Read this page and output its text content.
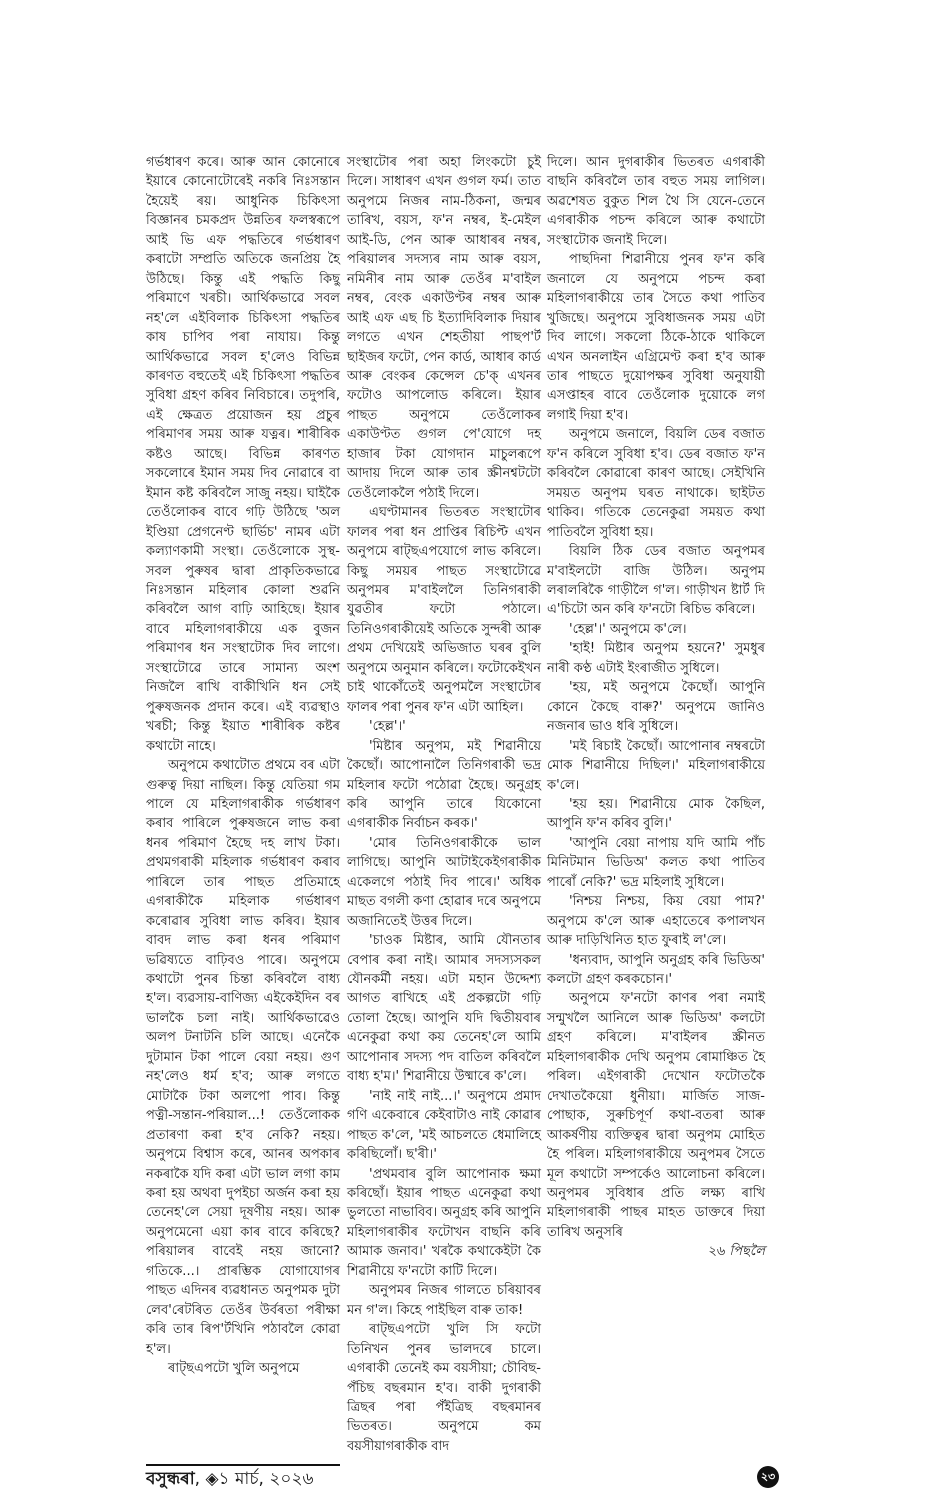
গৰ্ভধাৰণ কৰে। আৰু আন কোনোৰে ইয়াৰে কোনোটোৰেই নকৰি নিঃসন্তান হৈয়েই ৰয়। আধুনিক চিকিৎসা বিজ্ঞানৰ চমকপ্ৰদ উন্নতিৰ ফলস্বৰূপে আই ভি এফ পদ্ধতিৰে গৰ্ভধাৰণ কৰাটো সম্প্ৰতি অতিকে জনপ্ৰিয় হৈ উঠিছে। কিন্তু এই পদ্ধতি কিছু পৰিমাণে খৰচী। আৰ্থিকভাৱে সবল নহ'লে এইবিলাক চিকিৎসা পদ্ধতিৰ কাষ চাপিব পৰা নাযায়। কিন্তু আৰ্থিকভাৱে সবল হ'লেও বিভিন্ন কাৰণত বহুতেই এই চিকিৎসা পদ্ধতিৰ সুবিধা গ্ৰহণ কৰিব নিবিচাৰে। তদুপৰি, এই ক্ষেত্ৰত প্ৰয়োজন হয় প্ৰচুৰ পৰিমাণৰ সময় আৰু যত্নৰ। শাৰীৰিক কষ্টও আছে। বিভিন্ন কাৰণত সকলোৰে ইমান সময় দিব নোৱাৰে বা ইমান কষ্ট কৰিবলৈ সাজু নহয়। ঘাইকৈ তেওঁলোকৰ বাবে গঢ়ি উঠিছে 'অল ইণ্ডিয়া প্ৰেগনেণ্ট ছাৰ্ভিচ' নামৰ এটা কল্যাণকামী সংস্থা। তেওঁলোকে সুস্থ-সবল পুৰুষৰ দ্বাৰা প্ৰাকৃতিকভাৱে নিঃসন্তান মহিলাৰ কোলা শুৱনি কৰিবলৈ আগ বাঢ়ি আহিছে। ইয়াৰ বাবে মহিলাগৰাকীয়ে এক বুজন পৰিমাণৰ ধন সংস্থাটোক দিব লাগে। সংস্থাটোৱে তাৰে সামান্য অংশ নিজলৈ ৰাখি বাকীখিনি ধন সেই পুৰুষজনক প্ৰদান কৰে। এই ব্যৱস্থাও খৰচী; কিন্তু ইয়াত শাৰীৰিক কষ্টৰ কথাটো নাহে।

অনুপমে কথাটোত প্ৰথমে বৰ এটা গুৰুত্ব দিয়া নাছিল। কিন্তু যেতিয়া গম পালে যে মহিলাগৰাকীক গৰ্ভধাৰণ কৰাব পাৰিলে পুৰুষজনে লাভ কৰা ধনৰ পৰিমাণ হৈছে দহ লাখ টকা। প্ৰথমগৰাকী মহিলাক গৰ্ভধাৰণ কৰাব পাৰিলে তাৰ পাছত প্ৰতিমাহে এগৰাকীকৈ মহিলাক গৰ্ভধাৰণ কৰোৱাৰ সুবিধা লাভ কৰিব। ইয়াৰ বাবদ লাভ কৰা ধনৰ পৰিমাণ ভৱিষ্যতে বাঢ়িবও পাৰে। অনুপমে কথাটো পুনৰ চিন্তা কৰিবলৈ বাধ্য হ'ল। ব্যৱসায়-বাণিজ্য এইকেইদিন বৰ ভালকৈ চলা নাই। আৰ্থিকভাৱেও অলপ টনাটনি চলি আছে। এনেকৈ দুটামান টকা পালে বেয়া নহয়। গুণ নহ'লেও ধৰ্ম হ'ব; আৰু লগতে মোটাকৈ টকা অলপো পাব। কিন্তু পত্নী-সন্তান-পৰিয়াল...! তেওঁলোকক প্ৰতাৰণা কৰা হ'ব নেকি? নহয়। অনুপমে বিশ্বাস কৰে, আনৰ অপকাৰ নকৰাকৈ যদি কৰা এটা ভাল লগা কাম কৰা হয় অথবা দুপইচা অৰ্জন কৰা হয় তেনেহ'লে সেয়া দূষণীয় নহয়। আৰু অনুপমেনো এয়া কাৰ বাবে কৰিছে? পৰিয়ালৰ বাবেই নহয় জানো? গতিকে...। প্ৰাৰম্ভিক যোগাযোগৰ পাছত এদিনৰ ব্যৱধানত অনুপমক দুটা লেব'ৰেটৰিত তেওঁৰ উৰ্বৰতা পৰীক্ষা কৰি তাৰ ৰিপ'ৰ্টখিনি পঠাবলৈ কোৱা হ'ল।

ৰাট্ছএপটো খুলি অনুপমে

সংস্থাটোৰ পৰা অহা লিংকটো চুই দিলে। সাধাৰণ এখন গুগল ফৰ্ম। তাত অনুপমে নিজৰ নাম-ঠিকনা, জন্মৰ তাৰিখ, বয়স, ফ'ন নম্বৰ, ই-মেইল আই-ডি, পেন আৰু আধাৰৰ নম্বৰ, পৰিয়ালৰ সদস্যৰ নাম আৰু বয়স, নমিনীৰ নাম আৰু তেওঁৰ ম'বাইল নম্বৰ, বেংক একাউণ্টৰ নম্বৰ আৰু আই এফ এছ চি ইত্যাদিবিলাক দিয়াৰ লগতে এখন শেহতীয়া পাছপ'ৰ্ট ছাইজৰ ফটো, পেন কাৰ্ড, আধাৰ কাৰ্ড আৰু বেংকৰ কেন্সেল চে'ক্ এখনৰ ফটোও আপলোড কৰিলে। ইয়াৰ পাছত অনুপমে তেওঁলোকৰ একাউণ্টত গুগল পে'যোগে দহ হাজাৰ টকা যোগদান মাচুলৰূপে আদায় দিলে আৰু তাৰ স্ক্ৰীনশ্বটটো তেওঁলোকলৈ পঠাই দিলে।

এঘণ্টামানৰ ভিতৰত সংস্থাটোৰ ফালৰ পৰা ধন প্ৰাপ্তিৰ ৰিচিপ্ট এখন অনুপমে ৰাট্ছএপযোগে লাভ কৰিলে। কিছু সময়ৰ পাছত সংস্থাটোৱে অনুপমৰ ম'বাইললৈ তিনিগৰাকী যুৱতীৰ ফটো পঠালে। তিনিওগৰাকীয়েই অতিকে সুন্দৰী আৰু প্ৰথম দেখিয়েই অভিজাত ঘৰৰ বুলি অনুপমে অনুমান কৰিলে। ফটোকেইখন চাই থাকোঁতেই অনুপমলৈ সংস্থাটোৰ ফালৰ পৰা পুনৰ ফ'ন এটা আহিল।

'হেল্ল'।'

'মিষ্টাৰ অনুপম, মই শিৱানীয়ে কৈছোঁ। আপোনালৈ তিনিগৰাকী ভদ্ৰ মহিলাৰ ফটো পঠোৱা হৈছে। অনুগ্ৰহ কৰি আপুনি তাৰে যিকোনো এগৰাকীক নিৰ্বাচন কৰক।'

'মোৰ তিনিওগৰাকীকে ভাল লাগিছে। আপুনি আটাইকেইগৰাকীক একেলগে পঠাই দিব পাৰে।' অধিক মাছত বগলী কণা হোৱাৰ দৰে অনুপমে অজানিতেই উত্তৰ দিলে।

'চাওক মিষ্টাৰ, আমি যৌনতাৰ বেপাৰ কৰা নাই। আমাৰ সদস্যসকল যৌনকৰ্মী নহয়। এটা মহান উদ্দেশ্য আগত ৰাখিহে এই প্ৰকল্পটো গঢ়ি তোলা হৈছে। আপুনি যদি দ্বিতীয়বাৰ এনেকুৱা কথা কয় তেনেহ'লে আমি আপোনাৰ সদস্য পদ বাতিল কৰিবলৈ বাধ্য হ'ম।' শিৱানীয়ে উষ্মাৰে ক'লে।

'নাই নাই নাই...।' অনুপমে প্ৰমাদ গণি একেবাৰে কেইবাটাও নাই কোৱাৰ পাছত ক'লে, 'মই আচলতে ধেমালিহে কৰিছিলোঁ। ছ'ৰী।'

'প্ৰথমবাৰ বুলি আপোনাক ক্ষমা কৰিছোঁ। ইয়াৰ পাছত এনেকুৱা কথা ভুলতো নাভাবিব। অনুগ্ৰহ কৰি আপুনি মহিলাগৰাকীৰ ফটোখন বাছনি কৰি আমাক জনাব।' খৰকৈ কথাকেইটা কৈ শিৱানীয়ে ফ'নটো কাটি দিলে।

অনুপমৰ নিজৰ গালতে চৰিয়াবৰ মন গ'ল। কিহে পাইছিল বাৰু তাক!

ৰাট্ছএপটো খুলি সি ফটো তিনিখন পুনৰ ভালদৰে চালে। এগৰাকী তেনেই কম বয়সীয়া; চৌবিছ-পঁচিছ বছৰমান হ'ব। বাকী দুগৰাকী ত্ৰিছৰ পৰা পঁইত্ৰিছ বছৰমানৰ ভিতৰত। অনুপমে কম বয়সীয়াগৰাকীক বাদ

দিলে। আন দুগৰাকীৰ ভিতৰত এগৰাকী বাছনি কৰিবলৈ তাৰ বহুত সময় লাগিল। অৱশেষত বুকুত শিল থৈ সি যেনে-তেনে এগৰাকীক পচন্দ কৰিলে আৰু কথাটো সংস্থাটোক জনাই দিলে।

পাছদিনা শিৱানীয়ে পুনৰ ফ'ন কৰি জনালে যে অনুপমে পচন্দ কৰা মহিলাগৰাকীয়ে তাৰ সৈতে কথা পাতিব খুজিছে। অনুপমে সুবিধাজনক সময় এটা দিব লাগে। সকলো ঠিকে-ঠাকে থাকিলে এখন অনলাইন এগ্ৰিমেণ্ট কৰা হ'ব আৰু তাৰ পাছতে দুয়োপক্ষৰ সুবিধা অনুযায়ী এসপ্তাহৰ বাবে তেওঁলোক দুয়োকে লগ লগাই দিয়া হ'ব।

অনুপমে জনালে, বিয়লি ডেৰ বজাত ফ'ন কৰিলে সুবিধা হ'ব। ডেৰ বজাত ফ'ন কৰিবলৈ কোৱাৰো কাৰণ আছে। সেইখিনি সময়ত অনুপম ঘৰত নাথাকে। ছাইটত থাকিব। গতিকে তেনেকুৱা সময়ত কথা পাতিবলৈ সুবিধা হয়।

বিয়লি ঠিক ডেৰ বজাত অনুপমৰ ম'বাইলটো বাজি উঠিল। অনুপম লৰালৰিকৈ গাড়ীলৈ গ'ল। গাড়ীখন ষ্টাৰ্ট দি এ'চিটো অন কৰি ফ'নটো ৰিচিভ কৰিলে।

'হেল্ল'।' অনুপমে ক'লে।

'হাই! মিষ্টাৰ অনুপম হয়নে?' সুমধুৰ নাৰী কণ্ঠ এটাই ইংৰাজীত সুধিলে।

'হয়, মই অনুপমে কৈছোঁ। আপুনি কোনে কৈছে বাৰু?' অনুপমে জানিও নজনাৰ ভাও ধৰি সুধিলে।

'মই ৰিচাই কৈছোঁ। আপোনাৰ নম্বৰটো মোক শিৱানীয়ে দিছিল।' মহিলাগৰাকীয়ে ক'লে।

'হয় হয়। শিৱানীয়ে মোক কৈছিল, আপুনি ফ'ন কৰিব বুলি।'

'আপুনি বেয়া নাপায় যদি আমি পাঁচ মিনিটমান ভিডিঅ' কলত কথা পাতিব পাৰোঁ নেকি?' ভদ্ৰ মহিলাই সুধিলে।

'নিশ্চয় নিশ্চয়, কিয় বেয়া পাম?' অনুপমে ক'লে আৰু এহাতেৰে কপালখন আৰু দাড়িখিনিত হাত ফুৰাই ল'লে।

'ধন্যবাদ, আপুনি অনুগ্ৰহ কৰি ভিডিঅ' কলটো গ্ৰহণ কৰকচোন।'

অনুপমে ফ'নটো কাণৰ পৰা নমাই সন্মুখলৈ আনিলে আৰু ভিডিঅ' কলটো গ্ৰহণ কৰিলে। ম'বাইলৰ স্ক্ৰীনত মহিলাগৰাকীক দেখি অনুপম ৰোমাঞ্চিত হৈ পৰিল। এইগৰাকী দেখোন ফটোতকৈ দেখাতকৈয়ো ধুনীয়া। মাৰ্জিত সাজ-পোছাক, সুৰুচিপূৰ্ণ কথা-বতৰা আৰু আকৰ্ষণীয় ব্যক্তিত্বৰ দ্বাৰা অনুপম মোহিত হৈ পৰিল। মহিলাগৰাকীয়ে অনুপমৰ সৈতে মূল কথাটো সম্পৰ্কেও আলোচনা কৰিলে। অনুপমৰ সুবিধাৰ প্ৰতি লক্ষ্য ৰাখি মহিলাগৰাকী পাছৰ মাহত ডাক্তৰে দিয়া তাৰিখ অনুসৰি

২৬ পিছলৈ
বসুন্ধৰা, ◈১ মাৰ্চ, ২০২৬	২৩
